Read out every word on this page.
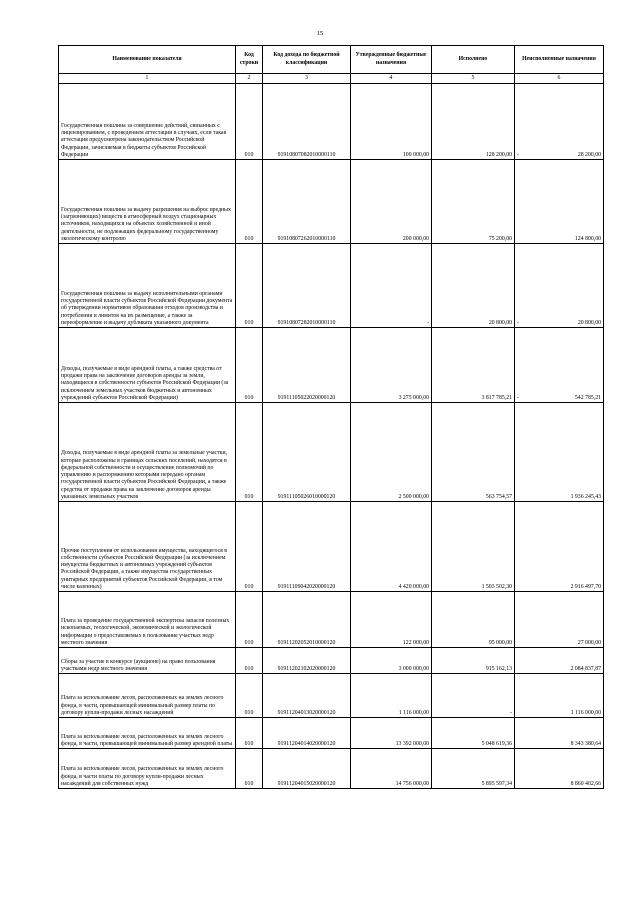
15
Наименование показателя	Код строки	Код дохода по бюджетной классификации	Утвержденные бюджетные назначения	Исполнено	Неисполненные назначения
1	2	3	4	5	6
Государственная пошлина за совершение действий, связанных с лицензированием, с проведением аттестации в случаях, если такая аттестация предусмотрена законодательством Российской Федерации, зачисляемая в бюджеты субъектов Российской Федерации	010	91910807082010000110	100 000,00	128 200,00	- 28 200,00

Государственная пошлина за выдачу разрешения на выброс вредных (загрязняющих) веществ в атмосферный воздух стационарных источников, находящихся на объектах хозяйственной и иной деятельности, не подлежащих федеральному государственному экологическому контролю	010	91910807262010000110	200 000,00	75 200,00	124 800,00
Государственная пошлина за выдачу исполнительными органами государственной власти субъектов Российской Федерации документа об утверждении нормативов образования отходов производства и потребления и лимитов на их размещение, а также за переоформление и выдачу дубликата указанного документа	010	91910807282010000110	-	20 800,00	- 20 800,00

Доходы, получаемые в виде арендной платы, а также средства от продажи права на заключение договоров аренды за земли, находящиеся в собственности субъектов Российской Федерации (за исключением земельных участков бюджетных и автономных учреждений субъектов Российской Федерации)	010	91911105022020000120	3 275 000,00	3 817 785,21	- 542 785,21

Доходы, получаемые в виде арендной платы за земельные участки, которые расположены в границах сельских поселений, находятся в федеральной собственности и осуществление полномочий по управлению и распоряжению которыми передано органам государственной власти субъектов Российской Федерации, а также средства от продажи права на заключение договоров аренды указанных земельных участков	010	91911105026010000120	2 500 000,00	563 754,57	1 936 245,43
Прочие поступления от использования имущества, находящегося в собственности субъектов Российской Федерации (за исключением имущества бюджетных и автономных учреждений субъектов Российской Федерации, а также имущества государственных унитарных предприятий субъектов Российской Федерации, в том числе казенных)	010	91911109042020000120	4 420 000,00	1 503 502,30	2 916 497,70
Плата за проведение государственной экспертизы запасов полезных ископаемых, геологической, экономической и экологической информации о предоставляемых в пользование участках недр местного значения	010	91911202052010000120	122 000,00	95 000,00	27 000,00
Сборы за участие в конкурсе (аукционе) на право пользования участками недр местного значения	010	91911202102020000120	3 000 000,00	915 162,13	2 084 837,87
Плата за использование лесов, расположенных на землях лесного фонда, в части, превышающей минимальный размер платы по договору купли-продажи лесных насаждений	010	91911204013020000120	1 116 000,00	-	1 116 000,00
Плата за использование лесов, расположенных на землях лесного фонда, в части, превышающей минимальный размер арендной платы	010	91911204014020000120	13 392 000,00	5 048 619,36	8 343 380,64
Плата за использование лесов, расположенных на землях лесного фонда, в части платы по договору купли-продажи лесных насаждений для собственных нужд	010	91911204015020000120	14 756 000,00	5 895 597,34	8 860 402,66
